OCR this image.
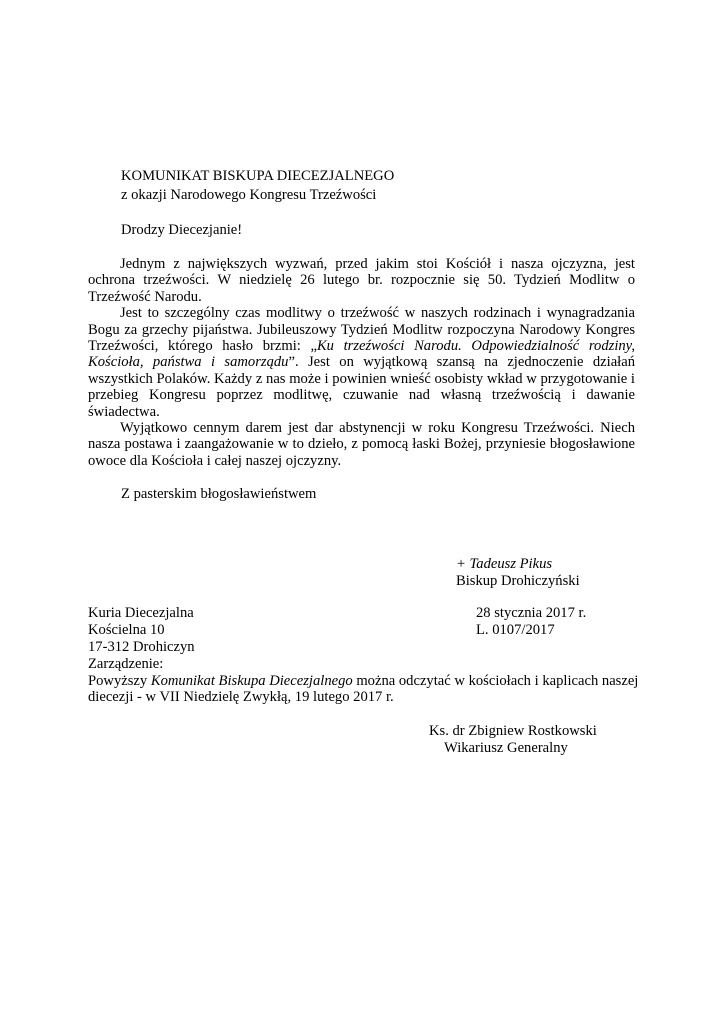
KOMUNIKAT BISKUPA DIECEZJALNEGO

z okazji Narodowego Kongresu Trzeźwości

Drodzy Diecezjanie!

Jednym z największych wyzwań, przed jakim stoi Kościół i nasza ojczyzna, jest ochrona trzeźwości. W niedzielę 26 lutego br. rozpocznie się 50. Tydzień Modlitw o Trzeźwość Narodu.

Jest to szczególny czas modlitwy o trzeźwość w naszych rodzinach i wynagradzania Bogu za grzechy pijaństwa. Jubileuszowy Tydzień Modlitw rozpoczyna Narodowy Kongres Trzeźwości, którego hasło brzmi: „Ku trzeźwości Narodu. Odpowiedzialność rodziny, Kościoła, państwa i samorządu”. Jest on wyjątkową szansą na zjednoczenie działań wszystkich Polaków. Każdy z nas może i powinien wnieść osobisty wkład w przygotowanie i przebieg Kongresu poprzez modlitwę, czuwanie nad własną trzeźwością i dawanie świadectwa.

Wyjątkowo cennym darem jest dar abstynencji w roku Kongresu Trzeźwości. Niech nasza postawa i zaangażowanie w to dzieło, z pomocą łaski Bożej, przyniesie błogosławione owoce dla Kościoła i całej naszej ojczyzny.

Z pasterskim błogosławieństwem

+ Tadeusz Pikus

Biskup Drohiczyński

Kuria Diecezjalna

Kościelna 10

17-312 Drohiczyn

28 stycznia 2017 r.

L. 0107/2017

Zarządzenie:

Powyższy Komunikat Biskupa Diecezjalnego można odczytać w kościołach i kaplicach naszej diecezji - w VII Niedzielę Zwykłą, 19 lutego 2017 r.

Ks. dr Zbigniew Rostkowski

Wikariusz Generalny
